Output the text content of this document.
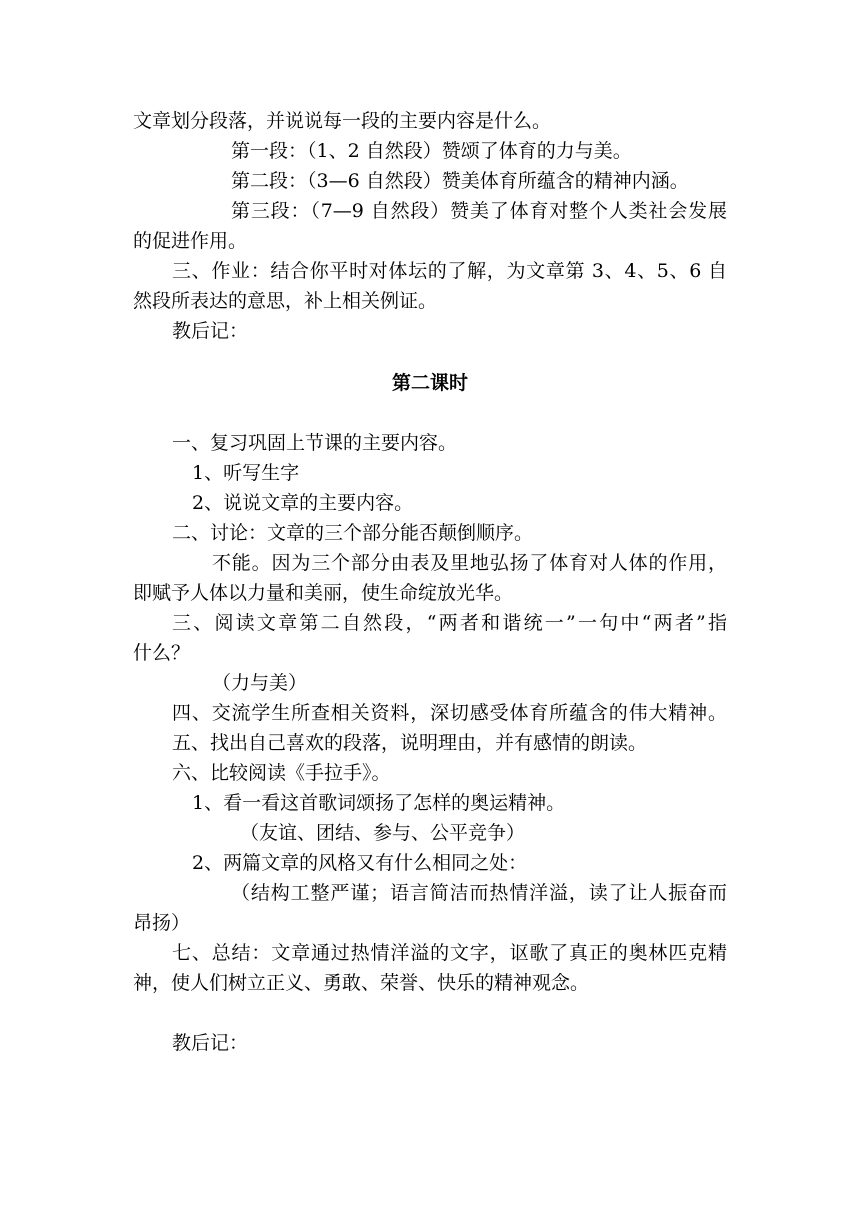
文章划分段落，并说说每一段的主要内容是什么。
第一段：（1、2 自然段）赞颂了体育的力与美。
第二段：（3—6 自然段）赞美体育所蕴含的精神内涵。
第三段：（7—9 自然段）赞美了体育对整个人类社会发展
的促进作用。
三、作业：结合你平时对体坛的了解，为文章第 3、4、5、6 自
然段所表达的意思，补上相关例证。
教后记：
第二课时
一、复习巩固上节课的主要内容。
1、听写生字
2、说说文章的主要内容。
二、讨论：文章的三个部分能否颠倒顺序。
不能。因为三个部分由表及里地弘扬了体育对人体的作用，
即赋予人体以力量和美丽，使生命绽放光华。
三、阅读文章第二自然段，“两者和谐统一”一句中“两者”指
什么？
（力与美）
四、交流学生所查相关资料，深切感受体育所蕴含的伟大精神。
五、找出自己喜欢的段落，说明理由，并有感情的朗读。
六、比较阅读《手拉手》。
1、看一看这首歌词颂扬了怎样的奥运精神。
（友谊、团结、参与、公平竞争）
2、两篇文章的风格又有什么相同之处：
（结构工整严谨；语言简洁而热情洋溢，读了让人振奋而
昂扬）
七、总结：文章通过热情洋溢的文字，讴歌了真正的奥林匹克精
神，使人们树立正义、勇敢、荣誉、快乐的精神观念。
教后记：
